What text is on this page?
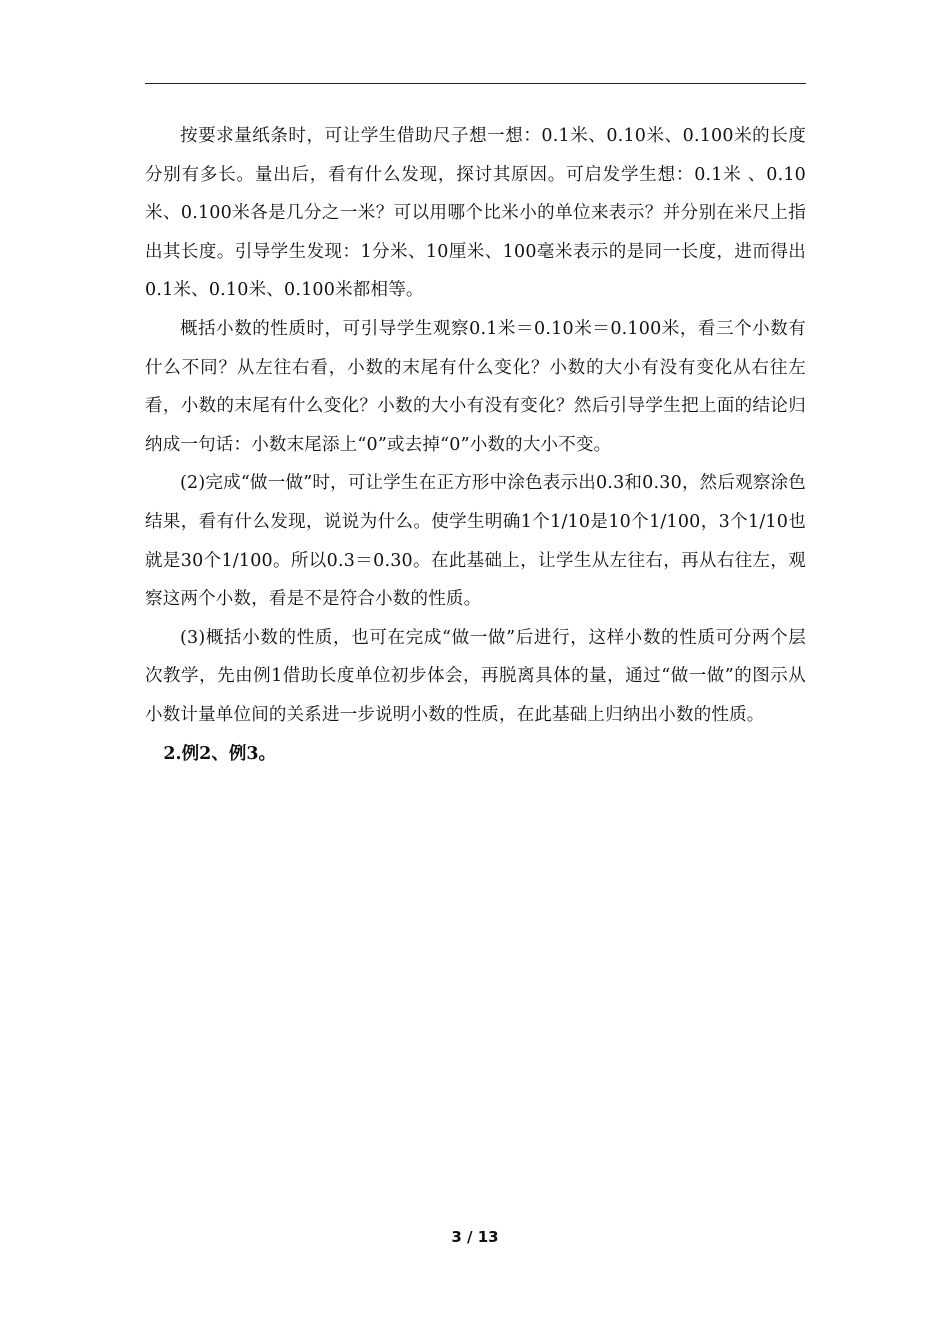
按要求量纸条时，可让学生借助尺子想一想：0.1米、0.10米、0.100米的长度分别有多长。量出后，看有什么发现，探讨其原因。可启发学生想：0.1米 、0.10米、0.100米各是几分之一米？可以用哪个比米小的单位来表示？并分别在米尺上指出其长度。引导学生发现：1分米、10厘米、100毫米表示的是同一长度，进而得出0.1米、0.10米、0.100米都相等。

概括小数的性质时，可引导学生观察0.1米＝0.10米＝0.100米，看三个小数有什么不同？从左往右看，小数的末尾有什么变化？小数的大小有没有变化从右往左看，小数的末尾有什么变化？小数的大小有没有变化？然后引导学生把上面的结论归纳成一句话：小数末尾添上“0”或去掉“0”小数的大小不变。

(2)完成“做一做”时，可让学生在正方形中涂色表示出0.3和0.30，然后观察涂色结果，看有什么发现，说说为什么。使学生明确1个1/10是10个1/100，3个1/10也就是30个1/100。所以0.3＝0.30。在此基础上，让学生从左往右，再从右往左，观察这两个小数，看是不是符合小数的性质。

(3)概括小数的性质，也可在完成“做一做”后进行，这样小数的性质可分两个层次教学，先由例1借助长度单位初步体会，再脱离具体的量，通过“做一做”的图示从小数计量单位间的关系进一步说明小数的性质，在此基础上归纳出小数的性质。

2.例2、例3。

3 / 13
